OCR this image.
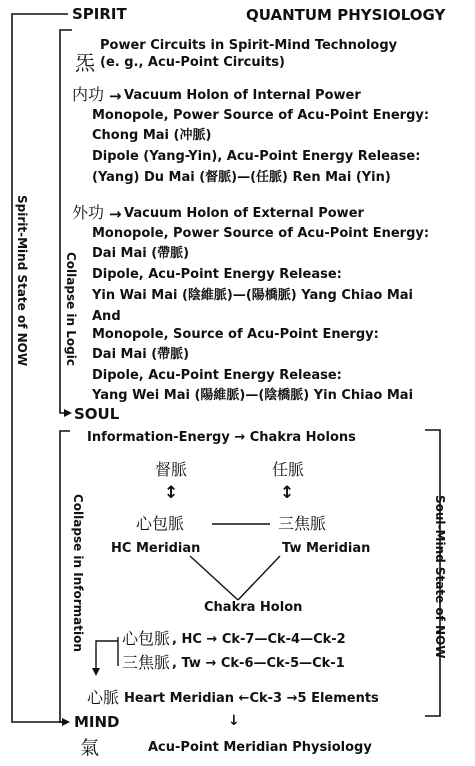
SPIRIT	QUANTUM PHYSIOLOGY
Spirit-Mind State of NOW	Collapse in Logic
Collapse in Information	Soul-Mind State of NOW
炁
Power Circuits in Spirit-Mind Technology
(e. g., Acu-Point Circuits)
内功 → Vacuum Holon of Internal Power
Monopole, Power Source of Acu-Point Energy:
Chong Mai (冲脈)
Dipole (Yang-Yin), Acu-Point Energy Release:
(Yang) Du Mai (督脈)—(任脈) Ren Mai (Yin)
外功 → Vacuum Holon of External Power
Monopole, Power Source of Acu-Point Energy:
Dai Mai (帶脈)
Dipole, Acu-Point Energy Release:
Yin Wai Mai (陰維脈)—(陽橋脈) Yang Chiao Mai
And
Monopole, Source of Acu-Point Energy:
Dai Mai (帶脈)
Dipole, Acu-Point Energy Release:
Yang Wei Mai (陽維脈)—(陰橋脈) Yin Chiao Mai
SOUL
Information-Energy → Chakra Holons
督脈	任脈
↕	↕
心包脈	三焦脈
HC Meridian	Tw Meridian
Chakra Holon
心包脈 , HC → Ck-7—Ck-4—Ck-2
三焦脈 , Tw → Ck-6—Ck-5—Ck-1
心脈 Heart Meridian ←Ck-3 →5 Elements
MIND	↓
氣	Acu-Point Meridian Physiology
